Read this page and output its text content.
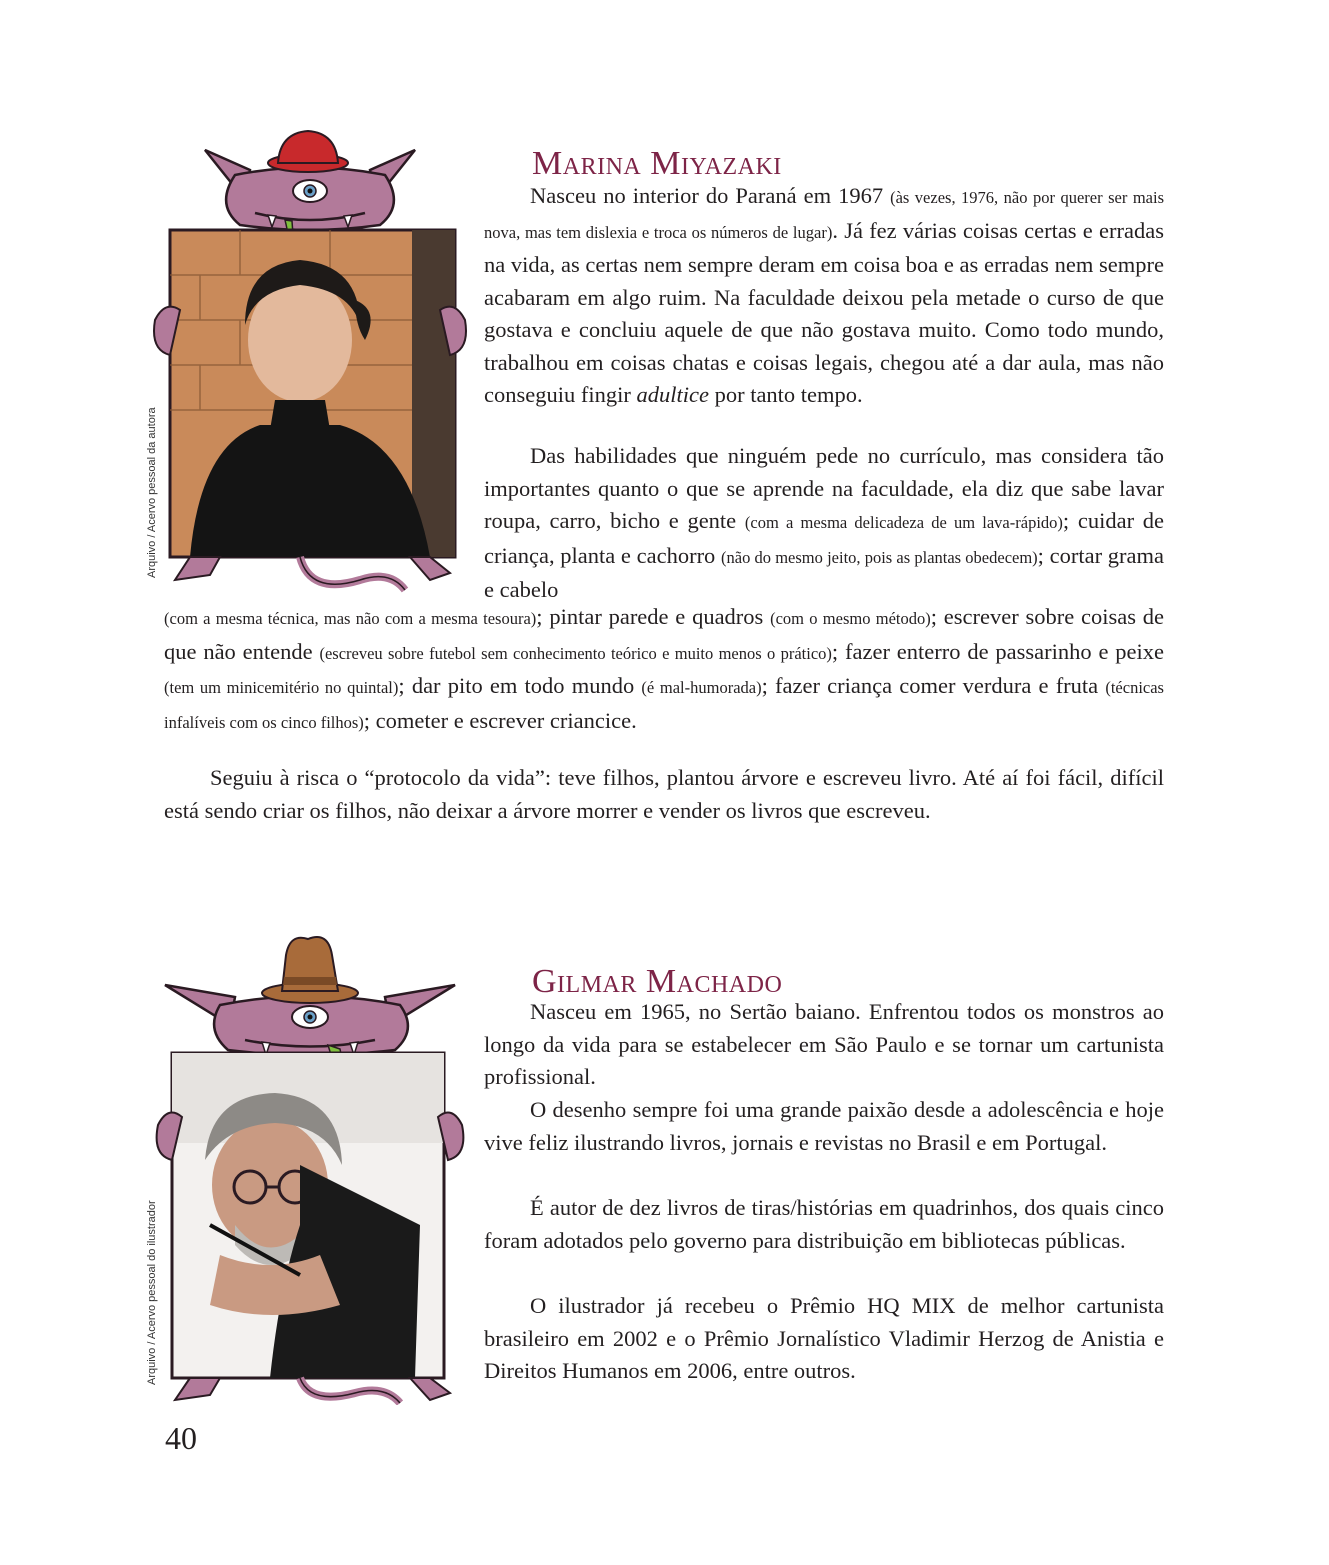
Arquivo / Acervo pessoal da autora
Marina Miyazaki

Nasceu no interior do Paraná em 1967 (às vezes, 1976, não por querer ser mais nova, mas tem dislexia e troca os números de lugar). Já fez várias coisas certas e erradas na vida, as certas nem sempre deram em coisa boa e as erradas nem sempre acabaram em algo ruim. Na faculdade deixou pela metade o curso de que gostava e concluiu aquele de que não gostava muito. Como todo mundo, trabalhou em coisas chatas e coisas legais, chegou até a dar aula, mas não conseguiu fingir adultice por tanto tempo.

Das habilidades que ninguém pede no currículo, mas considera tão importantes quanto o que se aprende na faculdade, ela diz que sabe lavar roupa, carro, bicho e gente (com a mesma delicadeza de um lava-rápido); cuidar de criança, planta e cachorro (não do mesmo jeito, pois as plantas obedecem); cortar grama e cabelo

(com a mesma técnica, mas não com a mesma tesoura); pintar parede e quadros (com o mesmo método); escrever sobre coisas de que não entende (escreveu sobre futebol sem conhecimento teórico e muito menos o prático); fazer enterro de passarinho e peixe (tem um minicemitério no quintal); dar pito em todo mundo (é mal-humorada); fazer criança comer verdura e fruta (técnicas infalíveis com os cinco filhos); cometer e escrever criancice.

Seguiu à risca o “protocolo da vida”: teve filhos, plantou árvore e escreveu livro. Até aí foi fácil, difícil está sendo criar os filhos, não deixar a árvore morrer e vender os livros que escreveu.

Arquivo / Acervo pessoal do ilustrador
Gilmar Machado

Nasceu em 1965, no Sertão baiano. Enfrentou todos os monstros ao longo da vida para se estabelecer em São Paulo e se tornar um cartunista profissional.

O desenho sempre foi uma grande paixão desde a adolescência e hoje vive feliz ilustrando livros, jornais e revistas no Brasil e em Portugal.

É autor de dez livros de tiras/histórias em quadrinhos, dos quais cinco foram adotados pelo governo para distribuição em bibliotecas públicas.

O ilustrador já recebeu o Prêmio HQ MIX de melhor cartunista brasileiro em 2002 e o Prêmio Jornalístico Vladimir Herzog de Anistia e Direitos Humanos em 2006, entre outros.

40
